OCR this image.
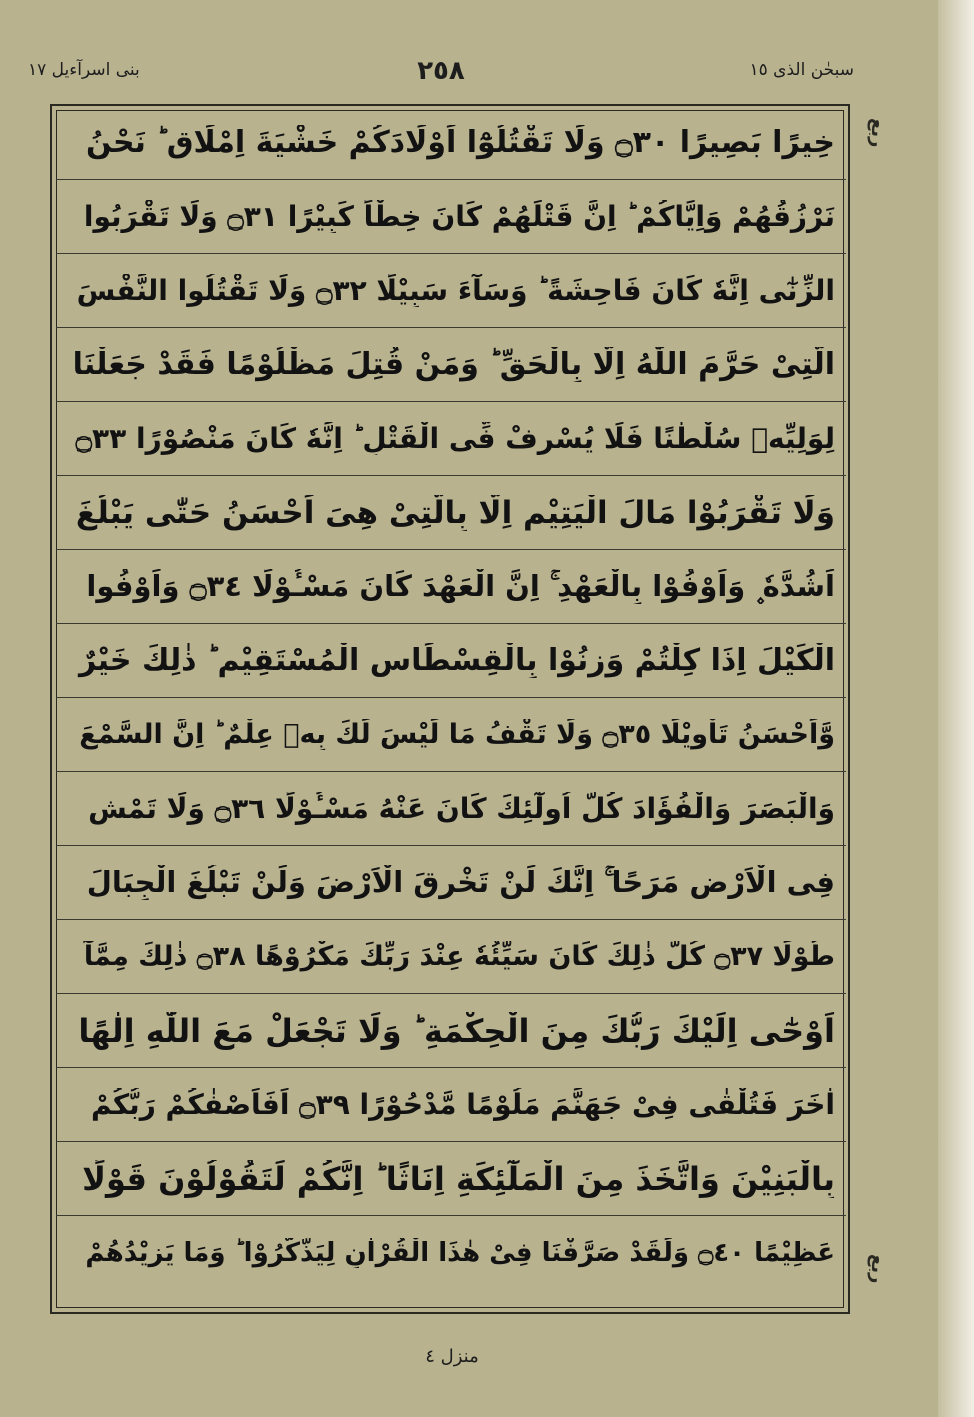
بنی اسرآءیل ١٧	٢٥٨	سبحٰن الذی ١٥
ربع
ربع
خِيرًا بَصِيرًا ۝٣٠ وَلَا تَقْتُلُوْٓا اَوْلَادَكُمْ خَشْيَةَ اِمْلَاقٍ ؕ نَحْنُ
نَرْزُقُهُمْ وَاِيَّاكُمْ ؕ اِنَّ قَتْلَهُمْ كَانَ خِطْاً كَبِيْرًا ۝٣١ وَلَا تَقْرَبُوا
الزِّنٰٓى اِنَّهٗ كَانَ فَاحِشَةً ؕ وَسَآءَ سَبِيْلًا ۝٣٢ وَلَا تَقْتُلُوا النَّفْسَ
الَّتِىْ حَرَّمَ اللّٰهُ اِلَّا بِالْحَقِّ ؕ وَمَنْ قُتِلَ مَظْلُوْمًا فَقَدْ جَعَلْنَا
لِوَلِيِّهٖ سُلْطٰنًا فَلَا يُسْرِفْ فِّى الْقَتْلِ ؕ اِنَّهٗ كَانَ مَنْصُوْرًا ۝٣٣
وَلَا تَقْرَبُوْا مَالَ الْيَتِيْمِ اِلَّا بِالَّتِىْ هِىَ اَحْسَنُ حَتّٰى يَبْلُغَ
اَشُدَّهٗ ۪ وَاَوْفُوْا بِالْعَهْدِ ۚ اِنَّ الْعَهْدَ كَانَ مَسْـُٔوْلًا ۝٣٤ وَاَوْفُوا
الْكَيْلَ اِذَا كِلْتُمْ وَزِنُوْا بِالْقِسْطَاسِ الْمُسْتَقِيْمِ ؕ ذٰلِكَ خَيْرٌ
وَّاَحْسَنُ تَاْوِيْلًا ۝٣٥ وَلَا تَقْفُ مَا لَيْسَ لَكَ بِهٖ عِلْمٌ ؕ اِنَّ السَّمْعَ
وَالْبَصَرَ وَالْفُؤَادَ كُلُّ اُولٰٓئِكَ كَانَ عَنْهُ مَسْـُٔوْلًا ۝٣٦ وَلَا تَمْشِ
فِى الْاَرْضِ مَرَحًا ۚ اِنَّكَ لَنْ تَخْرِقَ الْاَرْضَ وَلَنْ تَبْلُغَ الْجِبَالَ
طُوْلًا ۝٣٧ كُلُّ ذٰلِكَ كَانَ سَيِّئُهٗ عِنْدَ رَبِّكَ مَكْرُوْهًا ۝٣٨ ذٰلِكَ مِمَّآ
اَوْحٰٓى اِلَيْكَ رَبُّكَ مِنَ الْحِكْمَةِ ؕ وَلَا تَجْعَلْ مَعَ اللّٰهِ اِلٰهًا
اٰخَرَ فَتُلْقٰى فِىْ جَهَنَّمَ مَلُوْمًا مَّدْحُوْرًا ۝٣٩ اَفَاَصْفٰكُمْ رَبُّكُمْ
بِالْبَنِيْنَ وَاتَّخَذَ مِنَ الْمَلٰٓئِكَةِ اِنَاثًا ؕ اِنَّكُمْ لَتَقُوْلُوْنَ قَوْلًا
عَظِيْمًا ۝٤٠ وَلَقَدْ صَرَّفْنَا فِىْ هٰذَا الْقُرْاٰنِ لِيَذَّكَّرُوْا ؕ وَمَا يَزِيْدُهُمْ
منزل ٤
